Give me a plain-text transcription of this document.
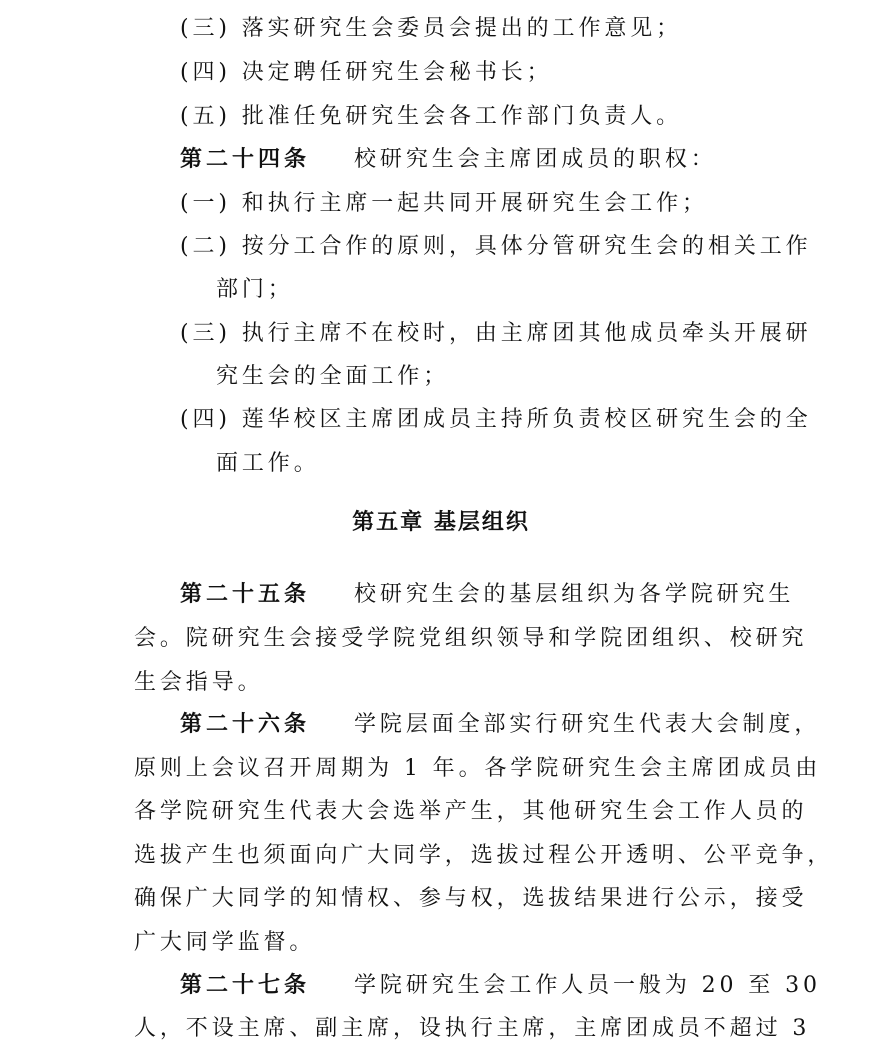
(三) 落实研究生会委员会提出的工作意见；
(四) 决定聘任研究生会秘书长；
(五) 批准任免研究生会各工作部门负责人。
第二十四条 校研究生会主席团成员的职权：
(一) 和执行主席一起共同开展研究生会工作；
(二) 按分工合作的原则，具体分管研究生会的相关工作
部门；
(三) 执行主席不在校时，由主席团其他成员牵头开展研
究生会的全面工作；
(四) 莲华校区主席团成员主持所负责校区研究生会的全
面工作。
第五章 基层组织
第二十五条 校研究生会的基层组织为各学院研究生
会。院研究生会接受学院党组织领导和学院团组织、校研究
生会指导。
第二十六条 学院层面全部实行研究生代表大会制度，
原则上会议召开周期为 1 年。各学院研究生会主席团成员由
各学院研究生代表大会选举产生，其他研究生会工作人员的
选拔产生也须面向广大同学，选拔过程公开透明、公平竞争，
确保广大同学的知情权、参与权，选拔结果进行公示，接受
广大同学监督。
第二十七条 学院研究生会工作人员一般为 20 至 30
人，不设主席、副主席，设执行主席，主席团成员不超过 3
